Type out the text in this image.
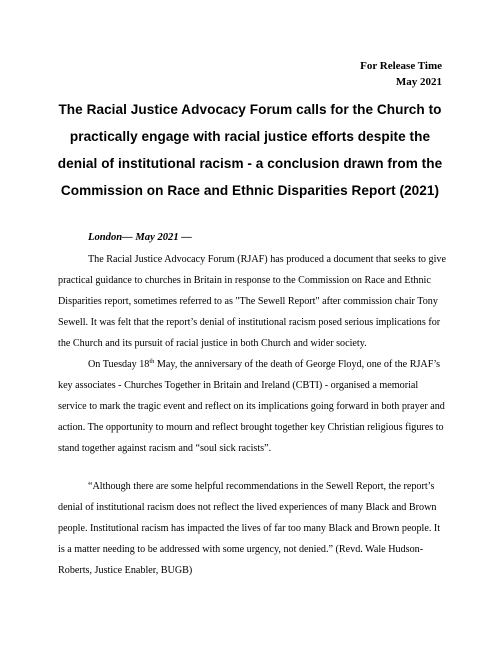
For Release Time
May 2021
The Racial Justice Advocacy Forum calls for the Church to practically engage with racial justice efforts despite the denial of institutional racism - a conclusion drawn from the Commission on Race and Ethnic Disparities Report (2021)
London— May 2021 —
The Racial Justice Advocacy Forum (RJAF) has produced a document that seeks to give practical guidance to churches in Britain in response to the Commission on Race and Ethnic Disparities report, sometimes referred to as "The Sewell Report" after commission chair Tony Sewell. It was felt that the report’s denial of institutional racism posed serious implications for the Church and its pursuit of racial justice in both Church and wider society.
On Tuesday 18th May, the anniversary of the death of George Floyd, one of the RJAF’s key associates - Churches Together in Britain and Ireland (CBTI) - organised a memorial service to mark the tragic event and reflect on its implications going forward in both prayer and action. The opportunity to mourn and reflect brought together key Christian religious figures to stand together against racism and “soul sick racists”.
“Although there are some helpful recommendations in the Sewell Report, the report’s denial of institutional racism does not reflect the lived experiences of many Black and Brown people. Institutional racism has impacted the lives of far too many Black and Brown people. It is a matter needing to be addressed with some urgency, not denied.” (Revd. Wale Hudson-Roberts, Justice Enabler, BUGB)
